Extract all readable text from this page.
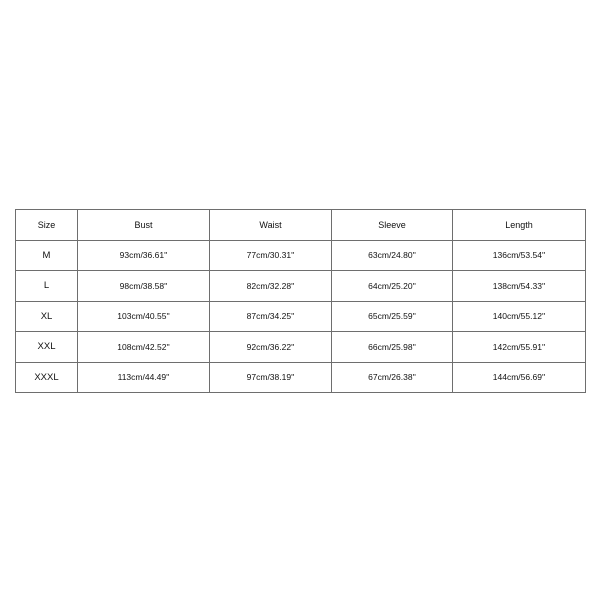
Size	Bust	Waist	Sleeve	Length
M	93cm/36.61''	77cm/30.31''	63cm/24.80''	136cm/53.54''
L	98cm/38.58''	82cm/32.28''	64cm/25.20''	138cm/54.33''
XL	103cm/40.55''	87cm/34.25''	65cm/25.59''	140cm/55.12''
XXL	108cm/42.52''	92cm/36.22''	66cm/25.98''	142cm/55.91''
XXXL	113cm/44.49''	97cm/38.19''	67cm/26.38''	144cm/56.69''
